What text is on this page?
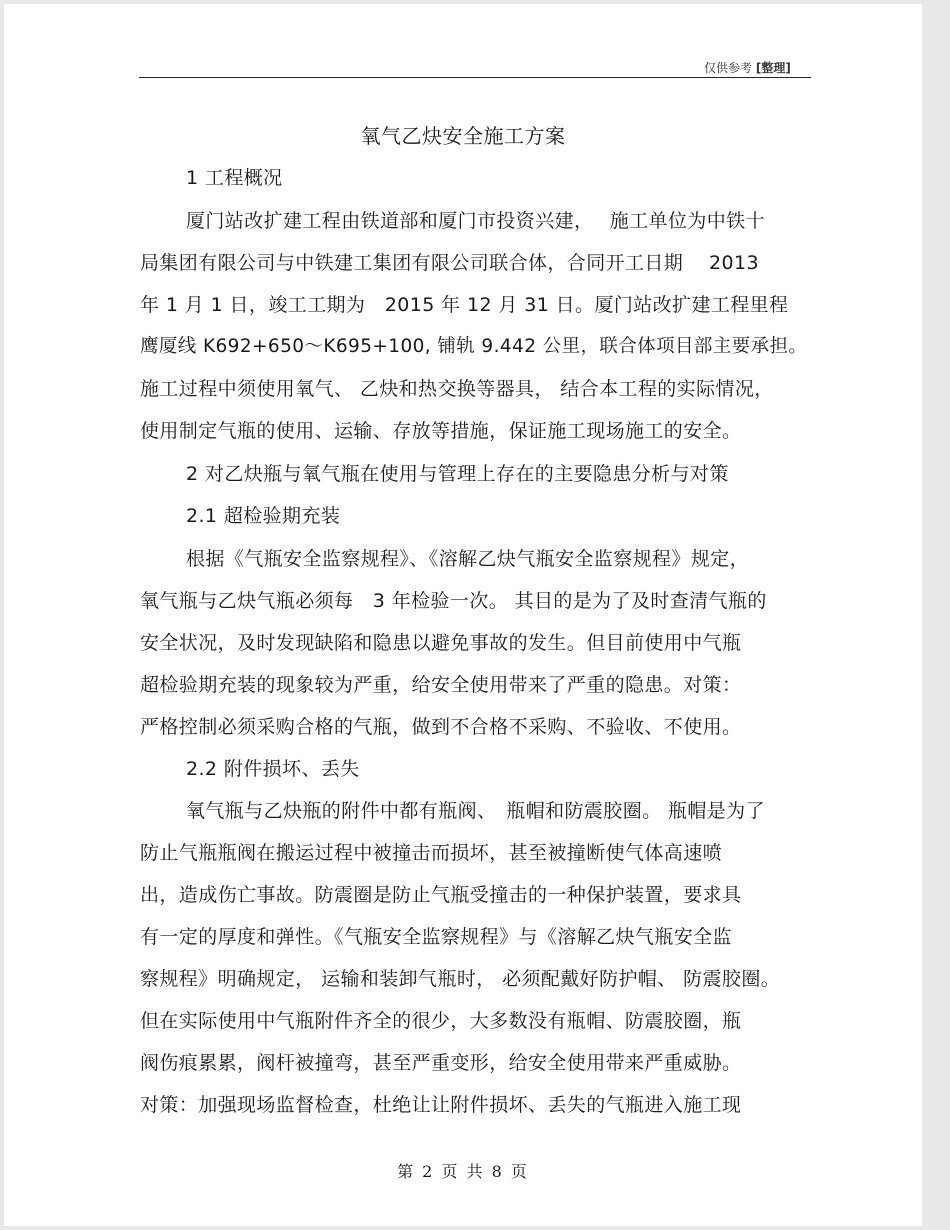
仅供参考 [整理]
氧气乙炔安全施工方案
1 工程概况
厦门站改扩建工程由铁道部和厦门市投资兴建，　 施工单位为中铁十
局集团有限公司与中铁建工集团有限公司联合体，合同开工日期　 2013
年 1 月 1 日，竣工工期为　2015 年 12 月 31 日。厦门站改扩建工程里程
鹰厦线 K692+650～K695+100, 铺轨 9.442 公里，联合体项目部主要承担。
施工过程中须使用氧气、 乙炔和热交换等器具， 结合本工程的实际情况，
使用制定气瓶的使用、运输、存放等措施，保证施工现场施工的安全。
2 对乙炔瓶与氧气瓶在使用与管理上存在的主要隐患分析与对策
2.1 超检验期充装
根据《气瓶安全监察规程》、《溶解乙炔气瓶安全监察规程》规定，
氧气瓶与乙炔气瓶必须每　3 年检验一次。 其目的是为了及时查清气瓶的
安全状况，及时发现缺陷和隐患以避免事故的发生。但目前使用中气瓶
超检验期充装的现象较为严重，给安全使用带来了严重的隐患。对策：
严格控制必须采购合格的气瓶，做到不合格不采购、不验收、不使用。
2.2 附件损坏、丢失
氧气瓶与乙炔瓶的附件中都有瓶阀、　瓶帽和防震胶圈。 瓶帽是为了
防止气瓶瓶阀在搬运过程中被撞击而损坏，甚至被撞断使气体高速喷
出，造成伤亡事故。防震圈是防止气瓶受撞击的一种保护装置，要求具
有一定的厚度和弹性。《气瓶安全监察规程》与《溶解乙炔气瓶安全监
察规程》明确规定， 运输和装卸气瓶时， 必须配戴好防护帽、 防震胶圈。
但在实际使用中气瓶附件齐全的很少，大多数没有瓶帽、防震胶圈，瓶
阀伤痕累累，阀杆被撞弯，甚至严重变形，给安全使用带来严重威胁。
对策：加强现场监督检查，杜绝让让附件损坏、丢失的气瓶进入施工现
第 2 页 共 8 页
